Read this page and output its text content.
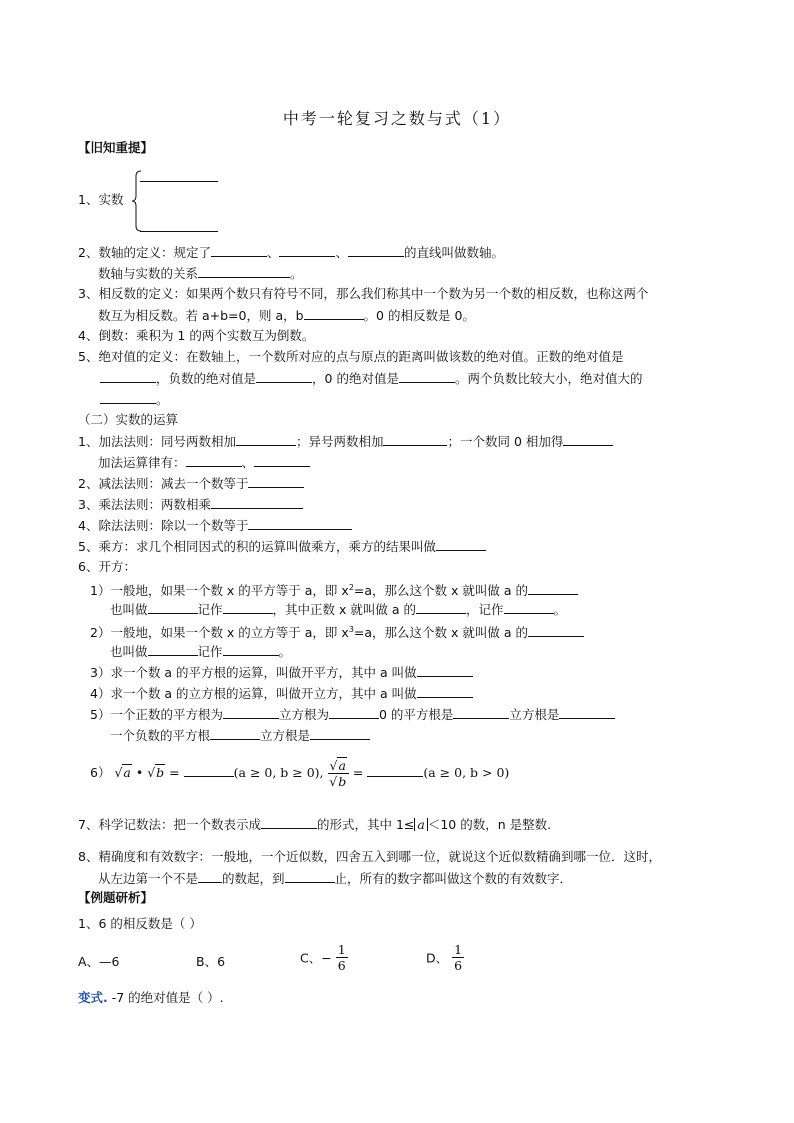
中考一轮复习之数与式（1）
【旧知重提】
1、实数
2、数轴的定义：规定了	、	、	的直线叫做数轴。
数轴与实数的关系	。
3、相反数的定义：如果两个数只有符号不同，那么我们称其中一个数为另一个数的相反数，也称这两个
数互为相反数。若 a+b=0，则 a，b	。0 的相反数是 0。
4、倒数：乘积为 1 的两个实数互为倒数。
5、绝对值的定义：在数轴上，一个数所对应的点与原点的距离叫做该数的绝对值。正数的绝对值是
，负数的绝对值是	，0 的绝对值是	。两个负数比较大小，绝对值大的
。
（二）实数的运算
1、加法法则：同号两数相加	；异号两数相加	；一个数同 0 相加得
加法运算律有：	、
2、减法法则：减去一个数等于
3、乘法法则：两数相乘
4、除法法则：除以一个数等于
5、乘方：求几个相同因式的积的运算叫做乘方，乘方的结果叫做
6、开方：
1）一般地，如果一个数 x 的平方等于 a，即 $x^2=a$，那么这个数 x 就叫做 a 的
也叫做	记作	，其中正数 x 就叫做 a 的	，记作	。
2）一般地，如果一个数 x 的立方等于 a，即 $x^3=a$，那么这个数 x 就叫做 a 的
也叫做	记作	。
3）求一个数 a 的平方根的运算，叫做开平方，其中 a 叫做
4）求一个数 a 的立方根的运算，叫做开立方，其中 a 叫做
5）一个正数的平方根为	立方根为	0 的平方根是	立方根是
一个负数的平方根	立方根是
6） √a • √b =	(a ≥ 0, b ≥ 0), $\frac{√a}{√b}$ =	(a ≥ 0, b > 0)
7、科学记数法：把一个数表示成	的形式，其中 1≤ a ＜10 的数，n 是整数.
8、精确度和有效数字：一般地，一个近似数，四舍五入到哪一位，就说这个近似数精确到哪一位．这时，
从左边第一个不是 的数起，到	止，所有的数字都叫做这个数的有效数字．
【例题研析】
1、6 的相反数是（ ）
A、—6	B、6	C、− $\frac{1}{6}$	D、 $\frac{1}{6}$
变式. -7 的绝对值是（ ）.
